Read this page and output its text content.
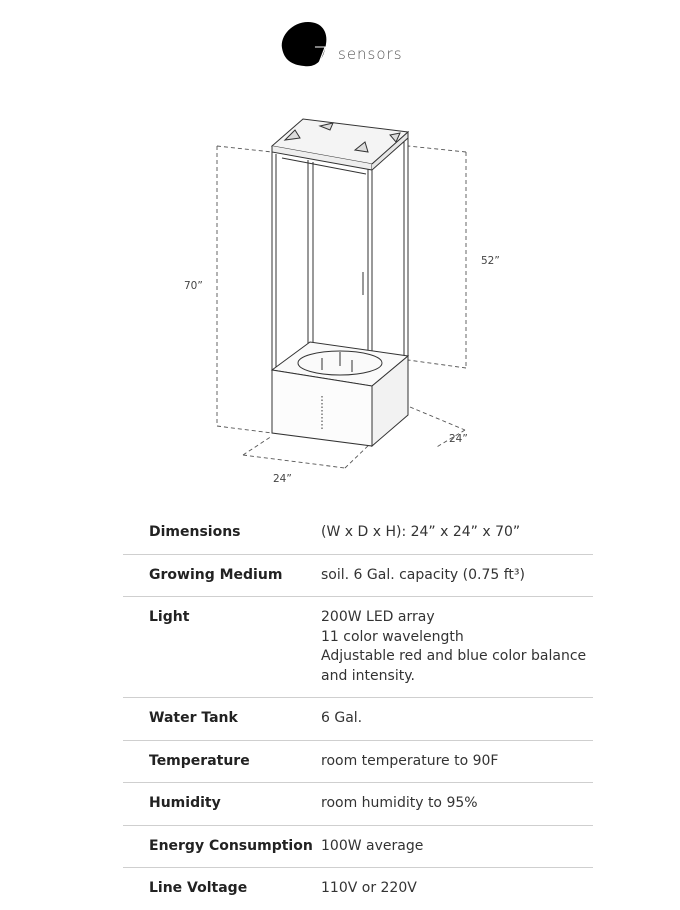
7 sensors
70”
52”
24”
24”
Dimensions	(W x D x H): 24” x 24” x 70”
Growing Medium	soil. 6 Gal. capacity (0.75 ft³)
Light	200W LED array
11 color wavelength
Adjustable red and blue color balance
and intensity.
Water Tank	6 Gal.
Temperature	room temperature to 90F
Humidity	room humidity to 95%
Energy Consumption 100W average
Line Voltage	110V or 220V
